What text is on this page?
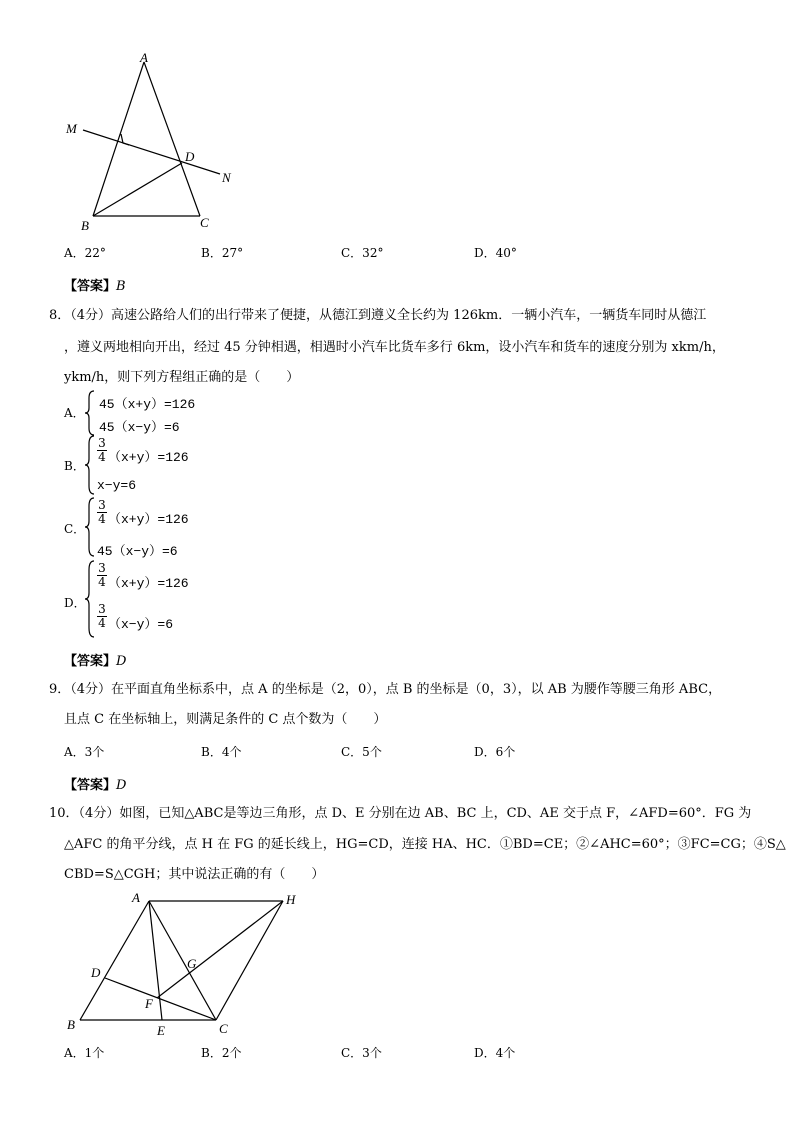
A
M
D
N
B	C
A．22°	B．27°	C．32°	D．40°
【答案】B
8．（4分）高速公路给人们的出行带来了便捷，从德江到遵义全长约为 126km．一辆小汽车，一辆货车同时从德江
，遵义两地相向开出，经过 45 分钟相遇，相遇时小汽车比货车多行 6km，设小汽车和货车的速度分别为 xkm/h，
ykm/h，则下列方程组正确的是（　　）
A．
45（x+y）=126
45（x−y）=6
B．
$\frac{3}{4} (x+y)=126$
x−y=6
C．
$\frac{3}{4} (x+y)=126$
45（x−y）=6
D．
$\frac{3}{4} (x+y)=126$
$\frac{3}{4} (x-y)=6$
【答案】D
9．（4分）在平面直角坐标系中，点 A 的坐标是（2，0），点 B 的坐标是（0，3），以 AB 为腰作等腰三角形 ABC，
且点 C 在坐标轴上，则满足条件的 C 点个数为（　　）
A．3个	B．4个	C．5个	D．6个
【答案】D
10．（4分）如图，已知△ABC是等边三角形，点 D、E 分别在边 AB、BC 上，CD、AE 交于点 F，∠AFD=60°．FG 为
△AFC 的角平分线，点 H 在 FG 的延长线上，HG=CD，连接 HA、HC．①BD=CE；②∠AHC=60°；③FC=CG；④S△
CBD=S△CGH；其中说法正确的有（　　）
A	H
D
G
F
B	E	C
A．1个	B．2个	C．3个	D．4个
